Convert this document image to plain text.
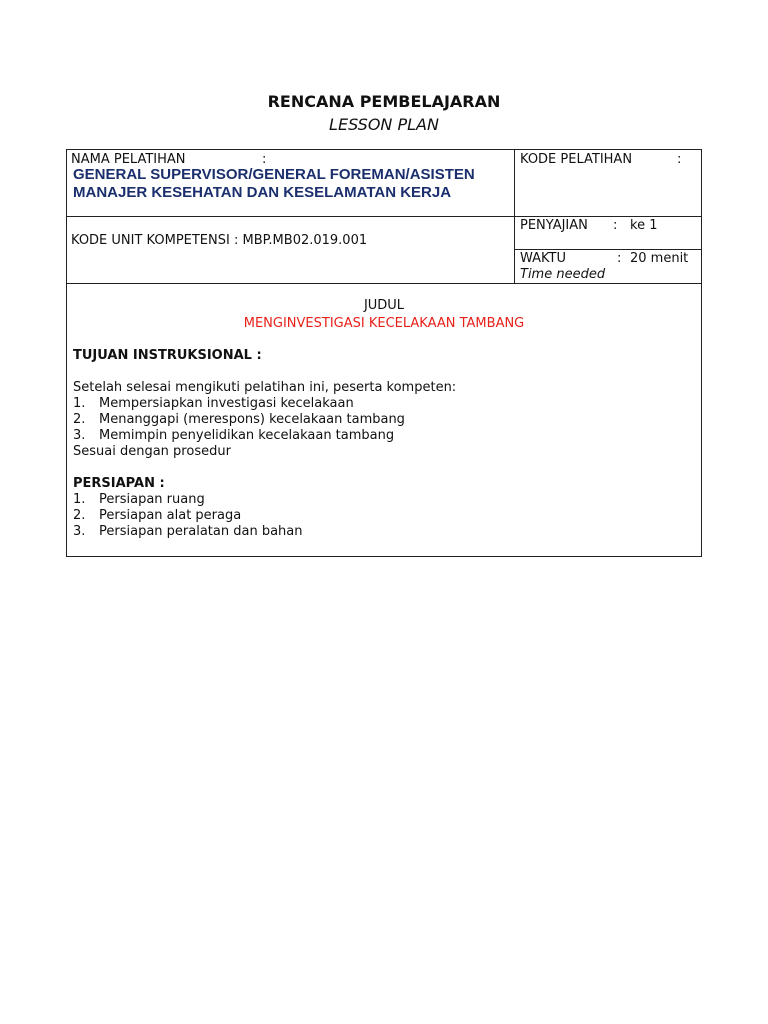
RENCANA PEMBELAJARAN
LESSON PLAN
NAMA PELATIHAN	:
GENERAL SUPERVISOR/GENERAL FOREMAN/ASISTEN
MANAJER KESEHATAN DAN KESELAMATAN KERJA
KODE PELATIHAN	:
KODE UNIT KOMPETENSI : MBP.MB02.019.001
PENYAJIAN : ke 1
WAKTU	: 20 menit
Time needed
JUDUL
MENGINVESTIGASI KECELAKAAN TAMBANG
TUJUAN INSTRUKSIONAL :
Setelah selesai mengikuti pelatihan ini, peserta kompeten:
1. Mempersiapkan investigasi kecelakaan
2. Menanggapi (merespons) kecelakaan tambang
3. Memimpin penyelidikan kecelakaan tambang
Sesuai dengan prosedur
PERSIAPAN :
1. Persiapan ruang
2. Persiapan alat peraga
3. Persiapan peralatan dan bahan
